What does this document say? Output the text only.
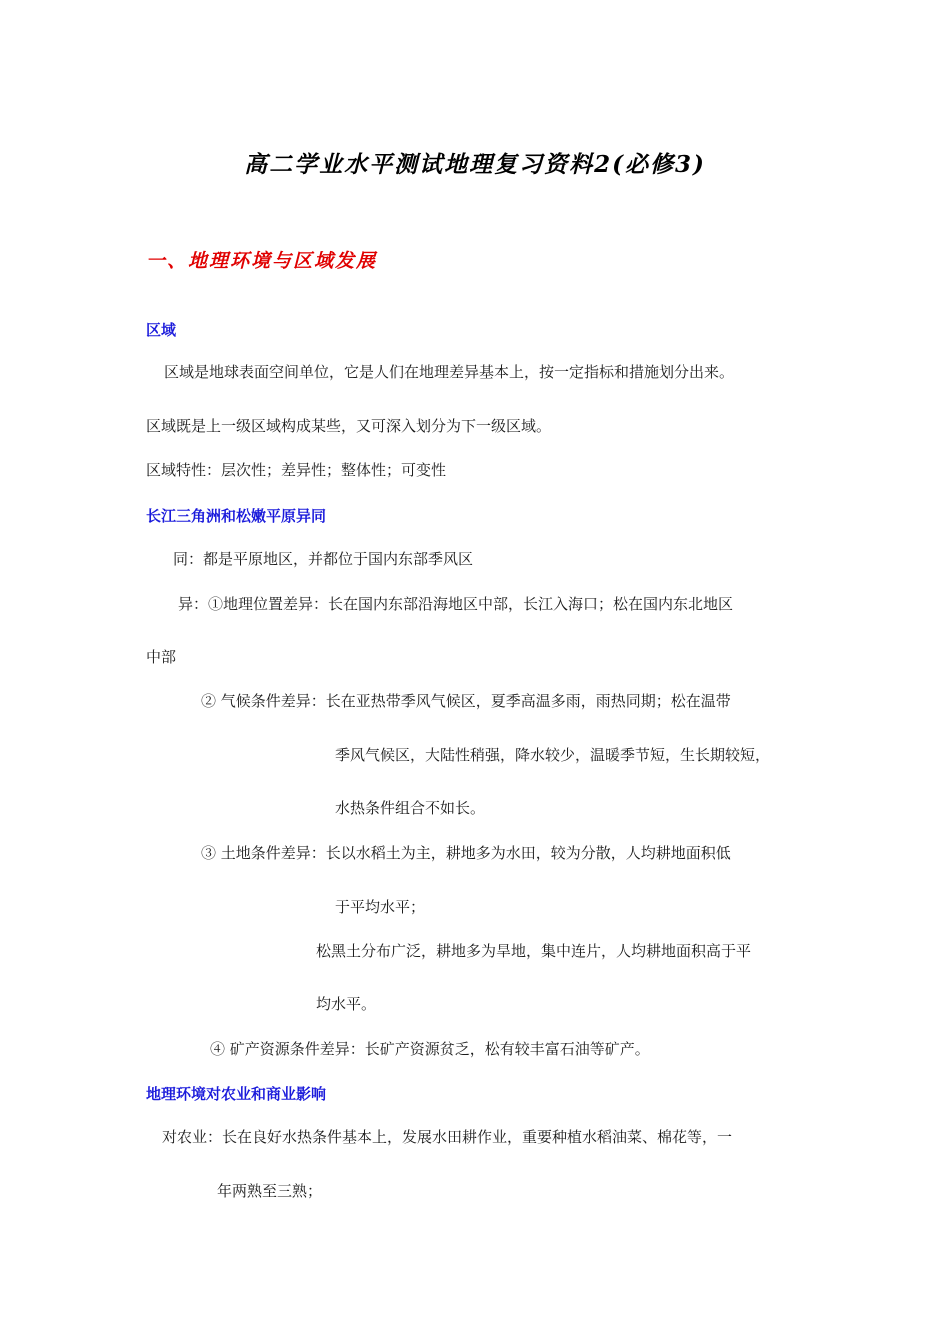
高二学业水平测试地理复习资料2(必修3)
一、地理环境与区域发展
区域
区域是地球表面空间单位，它是人们在地理差异基本上，按一定指标和措施划分出来。
区域既是上一级区域构成某些，又可深入划分为下一级区域。
区域特性：层次性；差异性；整体性；可变性
长江三角洲和松嫩平原异同
同：都是平原地区，并都位于国内东部季风区
异：①地理位置差异：长在国内东部沿海地区中部，长江入海口；松在国内东北地区
中部
② 气候条件差异：长在亚热带季风气候区，夏季高温多雨，雨热同期；松在温带
季风气候区，大陆性稍强，降水较少，温暖季节短，生长期较短，
水热条件组合不如长。
③ 土地条件差异：长以水稻土为主，耕地多为水田，较为分散，人均耕地面积低
于平均水平；
松黑土分布广泛，耕地多为旱地，集中连片，人均耕地面积高于平
均水平。
④ 矿产资源条件差异：长矿产资源贫乏，松有较丰富石油等矿产。
地理环境对农业和商业影响
对农业：长在良好水热条件基本上，发展水田耕作业，重要种植水稻油菜、棉花等，一
年两熟至三熟；
